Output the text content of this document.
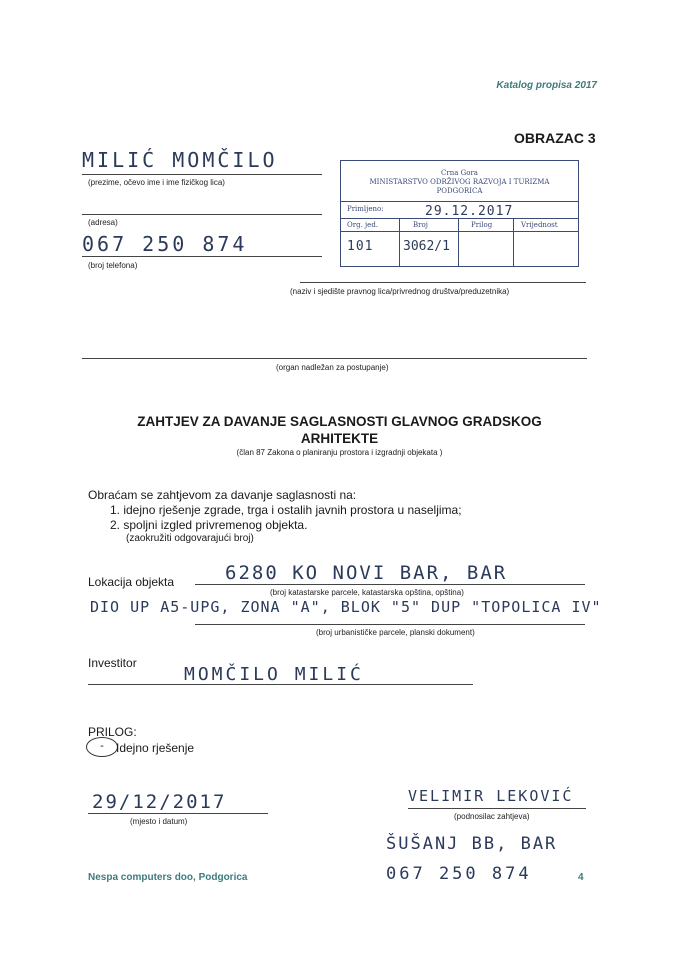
Katalog propisa 2017
OBRAZAC 3
MILIĆ MOMČILO
(prezime, očevo ime i ime fizičkog lica)
(adresa)
067 250 874
(broj telefona)
Crna Gora
MINISTARSTVO ODRŽIVOG RAZVOJA I TURIZMA
PODGORICA
Primljeno:	29.12.2017
Org. jed.	Broj	Prilog	Vrijednost
101 3062/1
(naziv i sjedište pravnog lica/privrednog društva/preduzetnika)
(organ nadležan za postupanje)
ZAHTJEV ZA DAVANJE SAGLASNOSTI GLAVNOG GRADSKOG
ARHITEKTE
(član 87 Zakona o planiranju prostora i izgradnji objekata )
Obraćam se zahtjevom za davanje saglasnosti na:
1. idejno rješenje zgrade, trga i ostalih javnih prostora u naseljima;
2. spoljni izgled privremenog objekta.
(zaokružiti odgovarajući broj)
Lokacija objekta	6280 KO NOVI BAR, BAR
(broj katastarske parcele, katastarska opština, opština)
DIO UP A5-UPG, ZONA "A", BLOK "5" DUP "TOPOLICA IV"
(broj urbanističke parcele, planski dokument)
Investitor
MOMČILO MILIĆ
PRILOG:
-	Idejno rješenje
29/12/2017
(mjesto i datum)
VELIMIR LEKOVIĆ
(podnosilac zahtjeva)
ŠUŠANJ BB, BAR
067 250 874
Nespa computers doo, Podgorica	4
